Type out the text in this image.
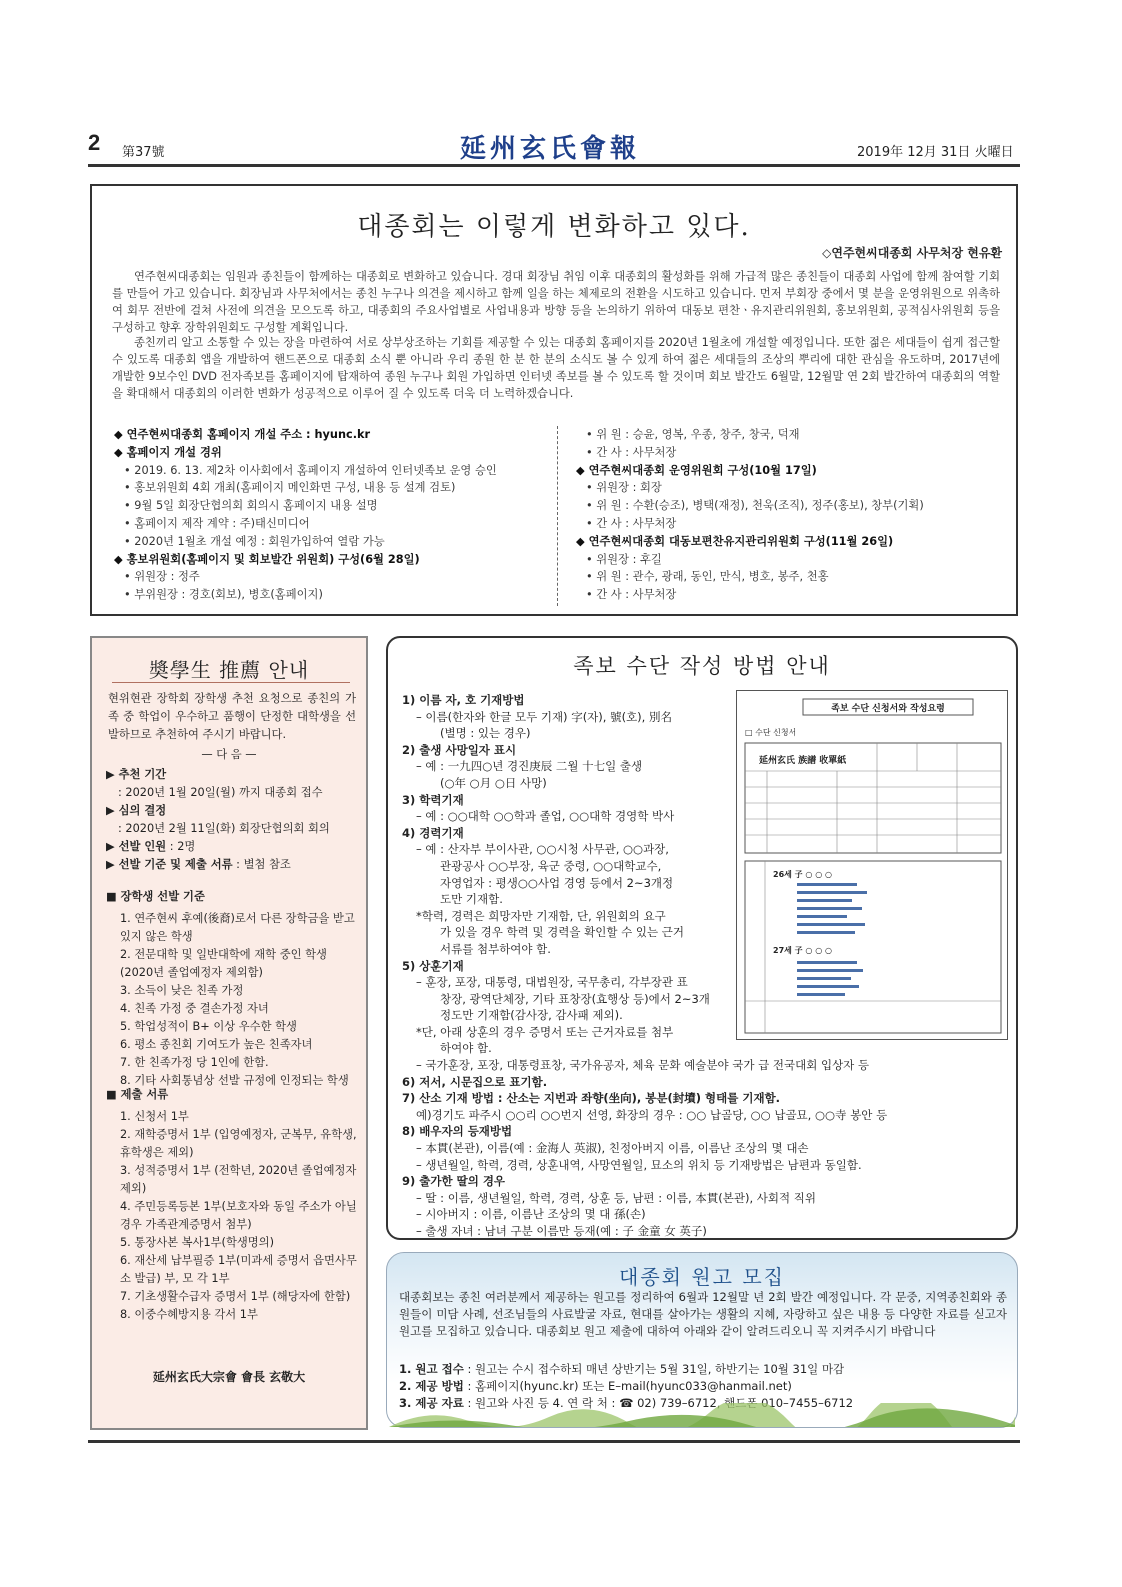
2 第37號	延州玄氏會報	2019年 12月 31日 火曜日
대종회는 이렇게 변화하고 있다.
◇연주현씨대종회 사무처장 현유환
연주현씨대종회는 임원과 종친들이 함께하는 대종회로 변화하고 있습니다. 경대 회장님 취임 이후 대종회의 활성화를 위해 가급적 많은 종친들이 대종회 사업에 함께 참여할 기회를 만들어 가고 있습니다. 회장님과 사무처에서는 종친 누구나 의견을 제시하고 함께 일을 하는 체제로의 전환을 시도하고 있습니다. 먼저 부회장 중에서 몇 분을 운영위원으로 위촉하여 회무 전반에 걸쳐 사전에 의견을 모으도록 하고, 대종회의 주요사업별로 사업내용과 방향 등을 논의하기 위하여 대동보 편찬ㆍ유지관리위원회, 홍보위원회, 공적심사위원회 등을 구성하고 향후 장학위원회도 구성할 계획입니다.
종친끼리 알고 소통할 수 있는 장을 마련하여 서로 상부상조하는 기회를 제공할 수 있는 대종회 홈페이지를 2020년 1월초에 개설할 예정입니다. 또한 젊은 세대들이 쉽게 접근할 수 있도록 대종회 앱을 개발하여 핸드폰으로 대종회 소식 뿐 아니라 우리 종원 한 분 한 분의 소식도 볼 수 있게 하여 젊은 세대들의 조상의 뿌리에 대한 관심을 유도하며, 2017년에 개발한 9보수인 DVD 전자족보를 홈페이지에 탑재하여 종원 누구나 회원 가입하면 인터넷 족보를 볼 수 있도록 할 것이며 회보 발간도 6월말, 12월말 연 2회 발간하여 대종회의 역할을 확대해서 대종회의 이러한 변화가 성공적으로 이루어 질 수 있도록 더욱 더 노력하겠습니다.
◆ 연주현씨대종회 홈페이지 개설 주소 : hyunc.kr
◆ 홈페이지 개설 경위
• 2019. 6. 13. 제2차 이사회에서 홈페이지 개설하여 인터넷족보 운영 승인
• 홍보위원회 4회 개최(홈페이지 메인화면 구성, 내용 등 설계 검토)
• 9월 5일 회장단협의회 회의시 홈페이지 내용 설명
• 홈페이지 제작 계약 : 주)태신미디어
• 2020년 1월초 개설 예정 : 회원가입하여 열람 가능
◆ 홍보위원회(홈페이지 및 회보발간 위원회) 구성(6월 28일)
• 위원장 : 정주
• 부위원장 : 경호(회보), 병호(홈페이지)
• 위 원 : 승윤, 영복, 우종, 창주, 창국, 덕재
• 간 사 : 사무처장
◆ 연주현씨대종회 운영위원회 구성(10월 17일)
• 위원장 : 회장
• 위 원 : 수환(승조), 병택(재정), 천욱(조직), 정주(홍보), 창부(기획)
• 간 사 : 사무처장
◆ 연주현씨대종회 대동보편찬유지관리위원회 구성(11월 26일)
• 위원장 : 후길
• 위 원 : 관수, 광래, 동인, 만식, 병호, 봉주, 천홍
• 간 사 : 사무처장
奬學生 推薦 안내
현위현관 장학회 장학생 추천 요청으로 종친의 가족 중 학업이 우수하고 품행이 단정한 대학생을 선발하므로 추천하여 주시기 바랍니다.
— 다 음 —
▶ 추천 기간
: 2020년 1월 20일(월) 까지 대종회 접수
▶ 심의 결정
: 2020년 2월 11일(화) 회장단협의회 회의
▶ 선발 인원 : 2명
▶ 선발 기준 및 제출 서류 : 별첨 참조
■ 장학생 선발 기준
1. 연주현씨 후예(後裔)로서 다른 장학금을 받고 있지 않은 학생
2. 전문대학 및 일반대학에 재학 중인 학생 (2020년 졸업예정자 제외함)
3. 소득이 낮은 친족 가정
4. 친족 가정 중 결손가정 자녀
5. 학업성적이 B+ 이상 우수한 학생
6. 평소 종친회 기여도가 높은 친족자녀
7. 한 친족가정 당 1인에 한함.
8. 기타 사회통념상 선발 규정에 인정되는 학생
■ 제출 서류
1. 신청서 1부
2. 재학증명서 1부 (입영예정자, 군복무, 유학생, 휴학생은 제외)
3. 성적증명서 1부 (전학년, 2020년 졸업예정자 제외)
4. 주민등록등본 1부(보호자와 동일 주소가 아닐 경우 가족관계증명서 첨부)
5. 통장사본 복사1부(학생명의)
6. 재산세 납부필증 1부(미과세 증명서 읍면사무소 발급) 부, 모 각 1부
7. 기초생활수급자 증명서 1부 (해당자에 한함)
8. 이중수혜방지용 각서 1부
延州玄氏大宗會 會長 玄敬大
족보 수단 작성 방법 안내
1) 이름 자, 호 기재방법
– 이름(한자와 한글 모두 기재) 字(자), 號(호), 別名
(별명 : 있는 경우)
2) 출생 사망일자 표시
– 예 : 一九四○년 경진庚辰 二월 十七일 출생
(○年 ○月 ○日 사망)
3) 학력기재
– 예 : ○○대학 ○○학과 졸업, ○○대학 경영학 박사
4) 경력기재
– 예 : 산자부 부이사관, ○○시청 사무관, ○○과장,
관광공사 ○○부장, 육군 중령, ○○대학교수,
자영업자 : 평생○○사업 경영 등에서 2~3개정
도만 기재함.
*학력, 경력은 희망자만 기재함, 단, 위원회의 요구
가 있을 경우 학력 및 경력을 확인할 수 있는 근거
서류를 첨부하여야 함.
5) 상훈기재
– 훈장, 포장, 대통령, 대법원장, 국무총리, 각부장관 표
창장, 광역단체장, 기타 표창장(효행상 등)에서 2~3개
정도만 기재함(감사장, 감사패 제외).
*단, 아래 상훈의 경우 증명서 또는 근거자료를 첨부
하여야 함.
– 국가훈장, 포장, 대통령표창, 국가유공자, 체육 문화 예술분야 국가 급 전국대회 입상자 등
6) 저서, 시문집으로 표기함.
7) 산소 기재 방법 : 산소는 지번과 좌향(坐向), 봉분(封墳) 형태를 기재함.
예)경기도 파주시 ○○리 ○○번지 선영, 화장의 경우 : ○○ 납골당, ○○ 납골묘, ○○寺 봉안 등
8) 배우자의 등재방법
– 本貫(본관), 이름(예 : 金海人 英淑), 친정아버지 이름, 이름난 조상의 몇 대손
– 생년월일, 학력, 경력, 상훈내역, 사망연월일, 묘소의 위치 등 기재방법은 남편과 동일함.
9) 출가한 딸의 경우
– 딸 : 이름, 생년월일, 학력, 경력, 상훈 등, 남편 : 이름, 本貫(본관), 사회적 직위
– 시아버지 : 이름, 이름난 조상의 몇 대 孫(손)
– 출생 자녀 : 남녀 구분 이름만 등재(예 : 子 金童 女 英子)
족보 수단 신청서와 작성요령
□ 수단 신청서
延州玄氏 族譜 收單紙
26세 子 ○ ○ ○
27세 子 ○ ○ ○
대종회 원고 모집
대종회보는 종친 여러분께서 제공하는 원고를 정리하여 6월과 12월말 년 2회 발간 예정입니다. 각 문중, 지역종친회와 종원들이 미담 사례, 선조님들의 사료발굴 자료, 현대를 살아가는 생활의 지혜, 자랑하고 싶은 내용 등 다양한 자료를 싣고자 원고를 모집하고 있습니다. 대종회보 원고 제출에 대하여 아래와 같이 알려드리오니 꼭 지켜주시기 바랍니다
1. 원고 접수 : 원고는 수시 접수하되 매년 상반기는 5월 31일, 하반기는 10월 31일 마감
2. 제공 방법 : 홈페이지(hyunc.kr) 또는 E–mail(hyunc033@hanmail.net)
3. 제공 자료 : 원고와 사진 등 4. 연 락 처 : ☎ 02) 739–6712, 핸드폰 010–7455–6712
